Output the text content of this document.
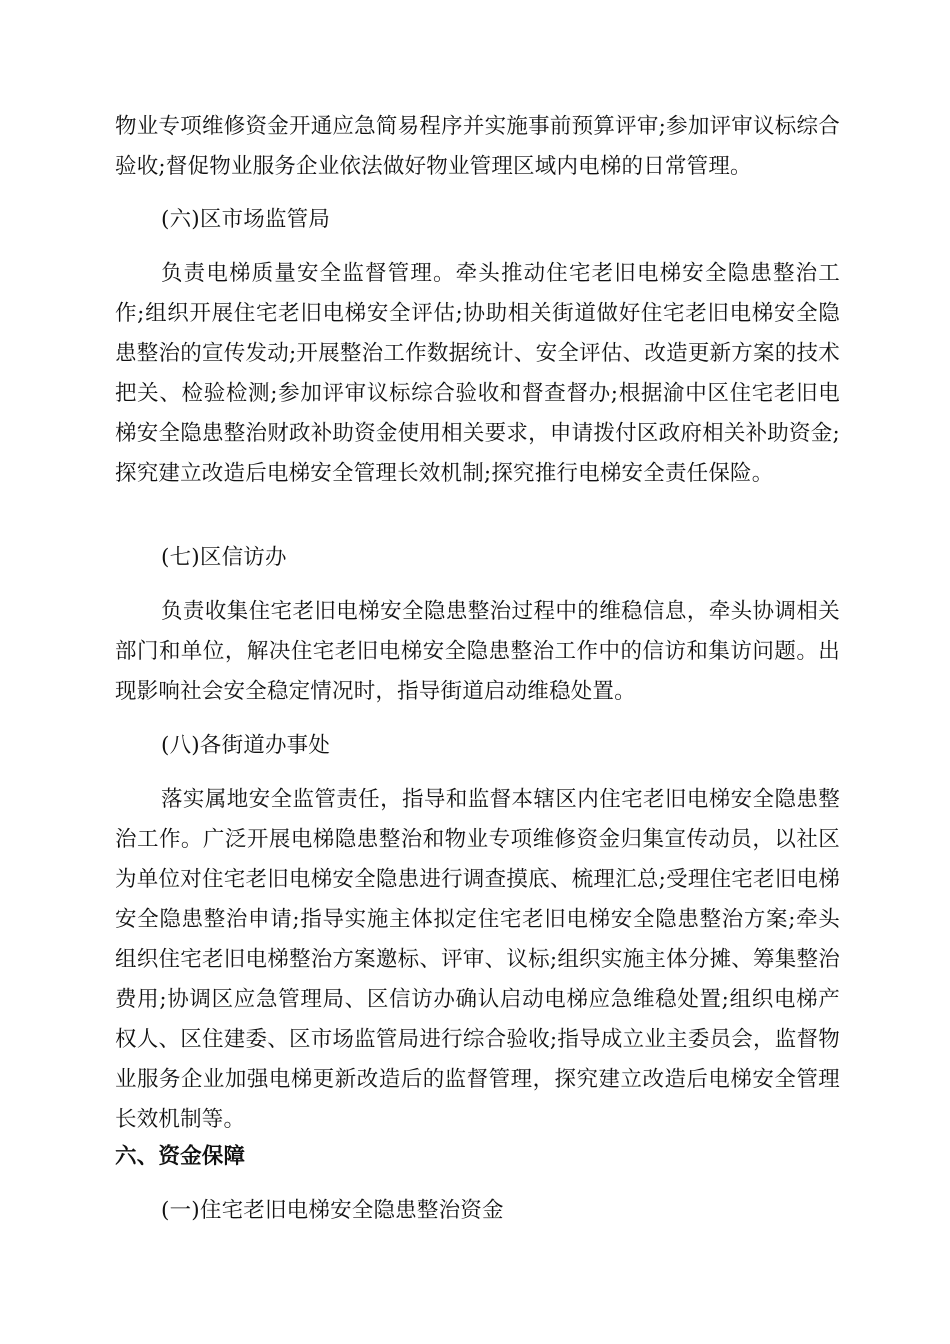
物业专项维修资金开通应急简易程序并实施事前预算评审;参加评审议标综合验收;督促物业服务企业依法做好物业管理区域内电梯的日常管理。
(六)区市场监管局
负责电梯质量安全监督管理。牵头推动住宅老旧电梯安全隐患整治工作;组织开展住宅老旧电梯安全评估;协助相关街道做好住宅老旧电梯安全隐患整治的宣传发动;开展整治工作数据统计、安全评估、改造更新方案的技术把关、检验检测;参加评审议标综合验收和督查督办;根据渝中区住宅老旧电梯安全隐患整治财政补助资金使用相关要求，申请拨付区政府相关补助资金;探究建立改造后电梯安全管理长效机制;探究推行电梯安全责任保险。
(七)区信访办
负责收集住宅老旧电梯安全隐患整治过程中的维稳信息，牵头协调相关部门和单位，解决住宅老旧电梯安全隐患整治工作中的信访和集访问题。出现影响社会安全稳定情况时，指导街道启动维稳处置。
(八)各街道办事处
落实属地安全监管责任，指导和监督本辖区内住宅老旧电梯安全隐患整治工作。广泛开展电梯隐患整治和物业专项维修资金归集宣传动员，以社区为单位对住宅老旧电梯安全隐患进行调查摸底、梳理汇总;受理住宅老旧电梯安全隐患整治申请;指导实施主体拟定住宅老旧电梯安全隐患整治方案;牵头组织住宅老旧电梯整治方案邀标、评审、议标;组织实施主体分摊、筹集整治费用;协调区应急管理局、区信访办确认启动电梯应急维稳处置;组织电梯产权人、区住建委、区市场监管局进行综合验收;指导成立业主委员会，监督物业服务企业加强电梯更新改造后的监督管理，探究建立改造后电梯安全管理长效机制等。
六、资金保障
(一)住宅老旧电梯安全隐患整治资金
